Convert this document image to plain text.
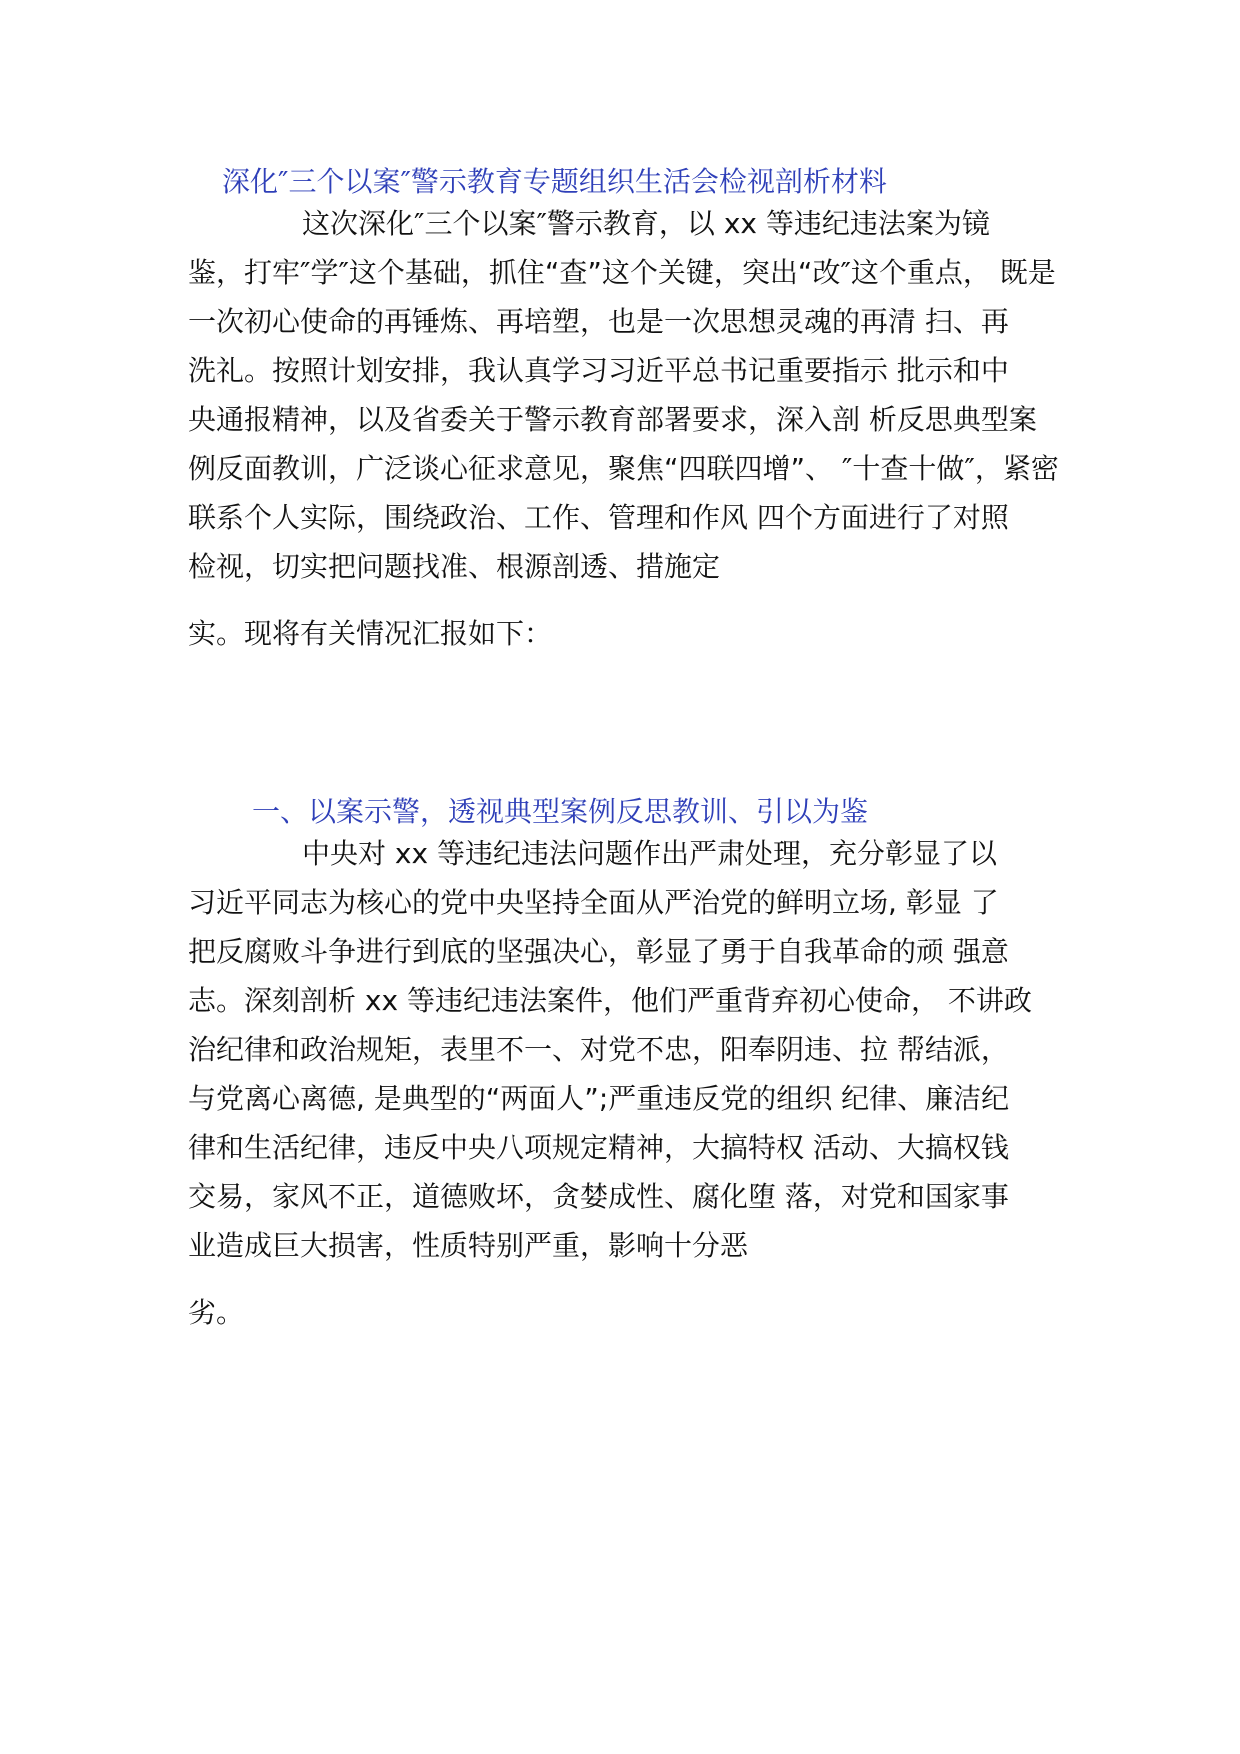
深化″三个以案″警示教育专题组织生活会检视剖析材料

这次深化″三个以案″警示教育，以 xx 等违纪违法案为镜

鉴，打牢″学″这个基础，抓住“查”这个关键，突出“改″这个重点， 既是

一次初心使命的再锤炼、再培塑，也是一次思想灵魂的再清 扫、再

洗礼。按照计划安排，我认真学习习近平总书记重要指示 批示和中

央通报精神，以及省委关于警示教育部署要求，深入剖 析反思典型案

例反面教训，广泛谈心征求意见，聚焦“四联四增”、 ″十查十做″，紧密

联系个人实际，围绕政治、工作、管理和作风 四个方面进行了对照

检视，切实把问题找准、根源剖透、措施定

实。现将有关情况汇报如下：

一、以案示警，透视典型案例反思教训、引以为鉴

中央对 xx 等违纪违法问题作出严肃处理，充分彰显了以

习近平同志为核心的党中央坚持全面从严治党的鲜明立场, 彰显 了

把反腐败斗争进行到底的坚强决心，彰显了勇于自我革命的顽 强意

志。深刻剖析 xx 等违纪违法案件，他们严重背弃初心使命， 不讲政

治纪律和政治规矩，表里不一、对党不忠，阳奉阴违、拉 帮结派，

与党离心离德, 是典型的“两面人”;严重违反党的组织 纪律、廉洁纪

律和生活纪律，违反中央八项规定精神，大搞特权 活动、大搞权钱

交易，家风不正，道德败坏，贪婪成性、腐化堕 落，对党和国家事

业造成巨大损害，性质特别严重，影响十分恶

劣。
